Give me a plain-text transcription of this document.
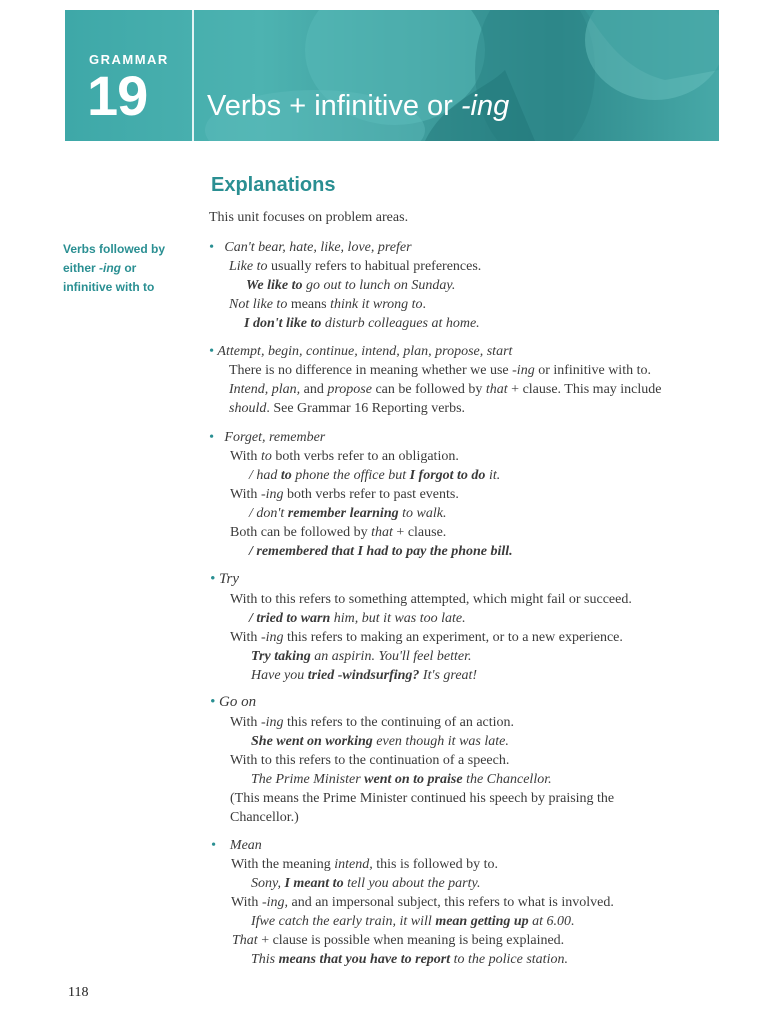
GRAMMAR
19 Verbs + infinitive or -ing
Explanations
This unit focuses on problem areas.
Verbs followed by
either -ing or
infinitive with to
• Can't bear, hate, like, love, prefer
Like to usually refers to habitual preferences.
We like to go out to lunch on Sunday.
Not like to means think it wrong to.
I don't like to disturb colleagues at home.
• Attempt, begin, continue, intend, plan, propose, start
There is no difference in meaning whether we use -ing or infinitive with to.
Intend, plan, and propose can be followed by that + clause. This may include
should. See Grammar 16 Reporting verbs.
• Forget, remember
With to both verbs refer to an obligation.
/ had to phone the office but I forgot to do it.
With -ing both verbs refer to past events.
/ don't remember learning to walk.
Both can be followed by that + clause.
/ remembered that I had to pay the phone bill.
• Try
With to this refers to something attempted, which might fail or succeed.
/ tried to warn him, but it was too late.
With -ing this refers to making an experiment, or to a new experience.
Try taking an aspirin. You'll feel better.
Have you tried -windsurfing? It's great!
• Go on
With -ing this refers to the continuing of an action.
She went on working even though it was late.
With to this refers to the continuation of a speech.
The Prime Minister went on to praise the Chancellor.
(This means the Prime Minister continued his speech by praising the
Chancellor.)
• Mean
With the meaning intend, this is followed by to.
Sony, I meant to tell you about the party.
With -ing, and an impersonal subject, this refers to what is involved.
Ifwe catch the early train, it will mean getting up at 6.00.
That + clause is possible when meaning is being explained.
This means that you have to report to the police station.
118
